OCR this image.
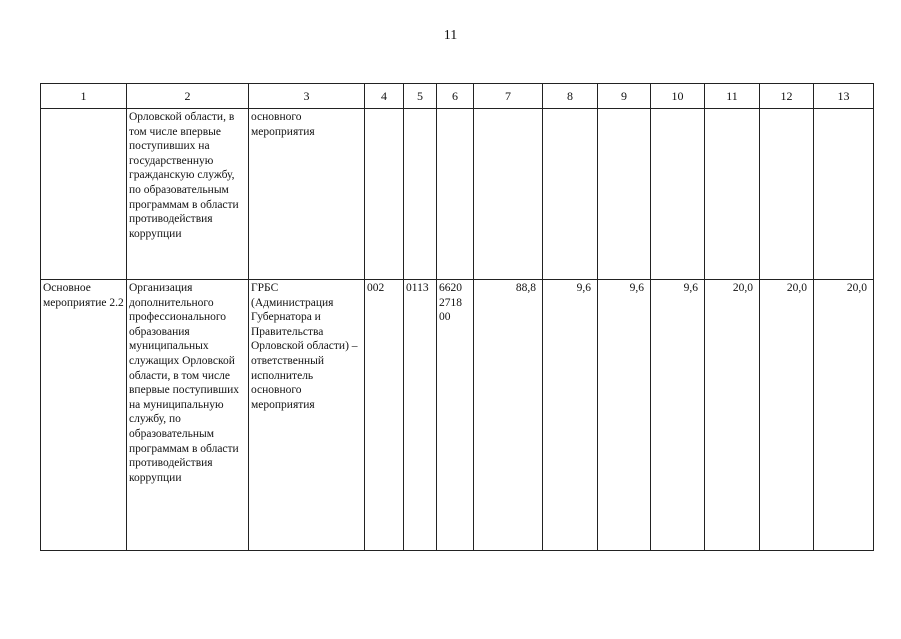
11
1	2	3	4	5	6	7	8	9	10	11	12	13
	Орловской области, в том числе впервые поступивших на государственную гражданскую службу, по образовательным программам в области противодействия коррупции	основного мероприятия										
Основное мероприятие 2.2	Организация дополнительного профессионального образования муниципальных служащих Орловской области, в том числе впервые поступивших на муниципальную службу, по образовательным программам в области противодействия коррупции	ГРБС (Администрация Губернатора и Правительства Орловской области) – ответственный исполнитель основного мероприятия	002	0113	6620 2718 00	88,8	9,6	9,6	9,6	20,0	20,0	20,0
